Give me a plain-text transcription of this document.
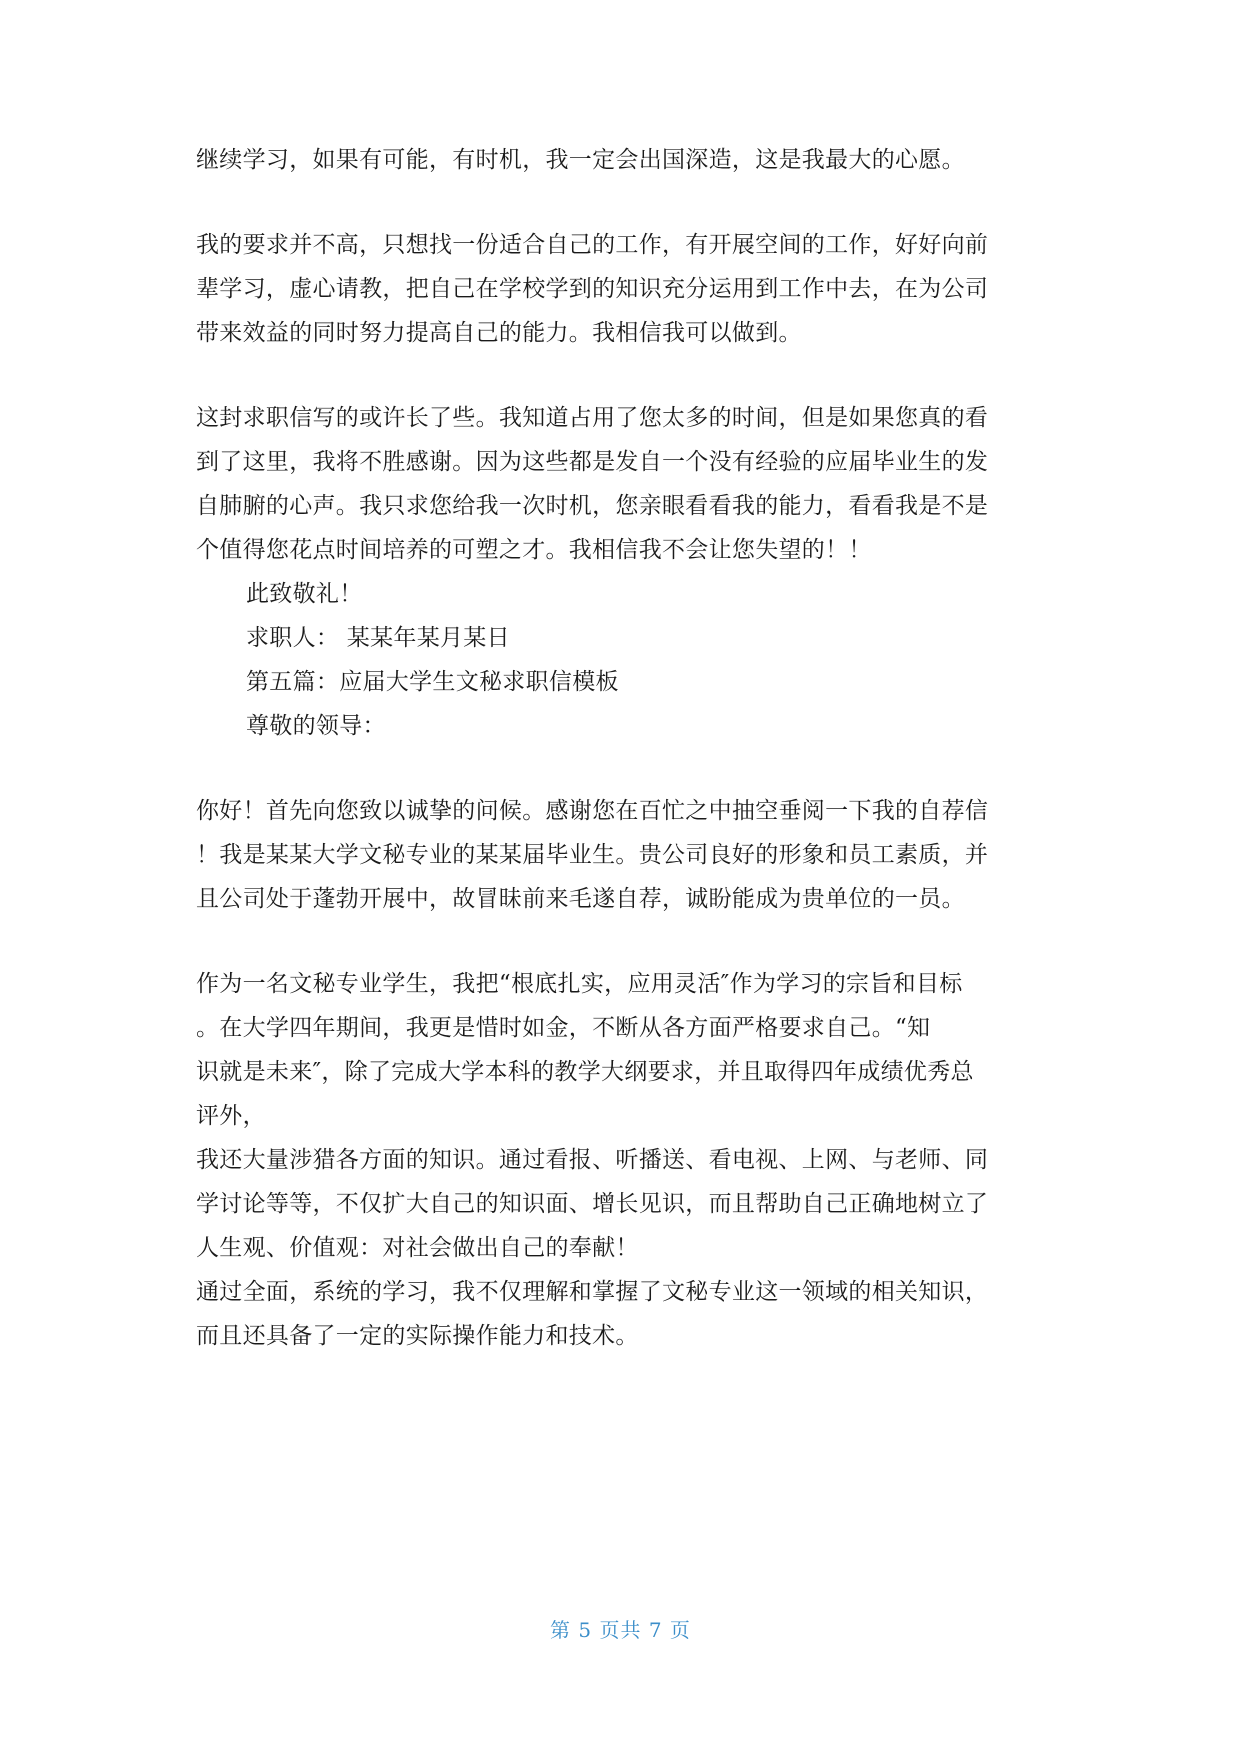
继续学习，如果有可能，有时机，我一定会出国深造，这是我最大的心愿。
我的要求并不高，只想找一份适合自己的工作，有开展空间的工作，好好向前
辈学习，虚心请教，把自己在学校学到的知识充分运用到工作中去，在为公司
带来效益的同时努力提高自己的能力。我相信我可以做到。
这封求职信写的或许长了些。我知道占用了您太多的时间，但是如果您真的看
到了这里，我将不胜感谢。因为这些都是发自一个没有经验的应届毕业生的发
自肺腑的心声。我只求您给我一次时机，您亲眼看看我的能力，看看我是不是
个值得您花点时间培养的可塑之才。我相信我不会让您失望的！！
此致敬礼！
求职人： 某某年某月某日
第五篇：应届大学生文秘求职信模板
尊敬的领导：
你好！首先向您致以诚挚的问候。感谢您在百忙之中抽空垂阅一下我的自荐信
！我是某某大学文秘专业的某某届毕业生。贵公司良好的形象和员工素质，并
且公司处于蓬勃开展中，故冒昧前来毛遂自荐，诚盼能成为贵单位的一员。
作为一名文秘专业学生，我把“根底扎实，应用灵活″作为学习的宗旨和目标
。在大学四年期间，我更是惜时如金，不断从各方面严格要求自己。“知
识就是未来″，除了完成大学本科的教学大纲要求，并且取得四年成绩优秀总
评外，
我还大量涉猎各方面的知识。通过看报、听播送、看电视、上网、与老师、同
学讨论等等，不仅扩大自己的知识面、增长见识，而且帮助自己正确地树立了
人生观、价值观：对社会做出自己的奉献！
通过全面，系统的学习，我不仅理解和掌握了文秘专业这一领域的相关知识，
而且还具备了一定的实际操作能力和技术。
第 5 页共 7 页
